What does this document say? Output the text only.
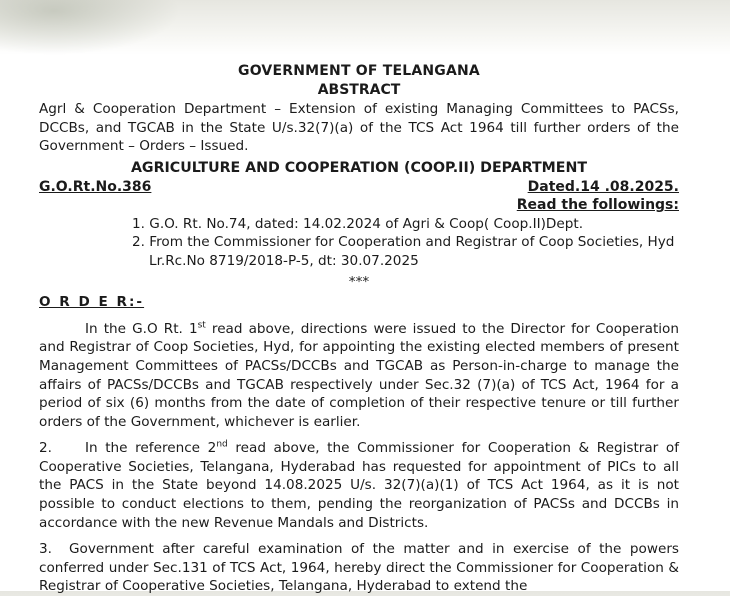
GOVERNMENT OF TELANGANA
ABSTRACT
Agrl & Cooperation Department – Extension of existing Managing Committees to PACSs, DCCBs, and TGCAB in the State U/s.32(7)(a) of the TCS Act 1964 till further orders of the Government – Orders – Issued.
AGRICULTURE AND COOPERATION (COOP.II) DEPARTMENT
G.O.Rt.No.386	Dated.14 .08.2025.
Read the followings:
1. G.O. Rt. No.74, dated: 14.02.2024 of Agri & Coop( Coop.II)Dept.
2. From the Commissioner for Cooperation and Registrar of Coop Societies, Hyd Lr.Rc.No 8719/2018-P-5, dt: 30.07.2025
***
O R D E R:-
In the G.O Rt. 1st read above, directions were issued to the Director for Cooperation and Registrar of Coop Societies, Hyd, for appointing the existing elected members of present Management Committees of PACSs/DCCBs and TGCAB as Person-in-charge to manage the affairs of PACSs/DCCBs and TGCAB respectively under Sec.32 (7)(a) of TCS Act, 1964 for a period of six (6) months from the date of completion of their respective tenure or till further orders of the Government, whichever is earlier.
2. In the reference 2nd read above, the Commissioner for Cooperation & Registrar of Cooperative Societies, Telangana, Hyderabad has requested for appointment of PICs to all the PACS in the State beyond 14.08.2025 U/s. 32(7)(a)(1) of TCS Act 1964, as it is not possible to conduct elections to them, pending the reorganization of PACSs and DCCBs in accordance with the new Revenue Mandals and Districts.
3. Government after careful examination of the matter and in exercise of the powers conferred under Sec.131 of TCS Act, 1964, hereby direct the Commissioner for Cooperation & Registrar of Cooperative Societies, Telangana, Hyderabad to extend the
